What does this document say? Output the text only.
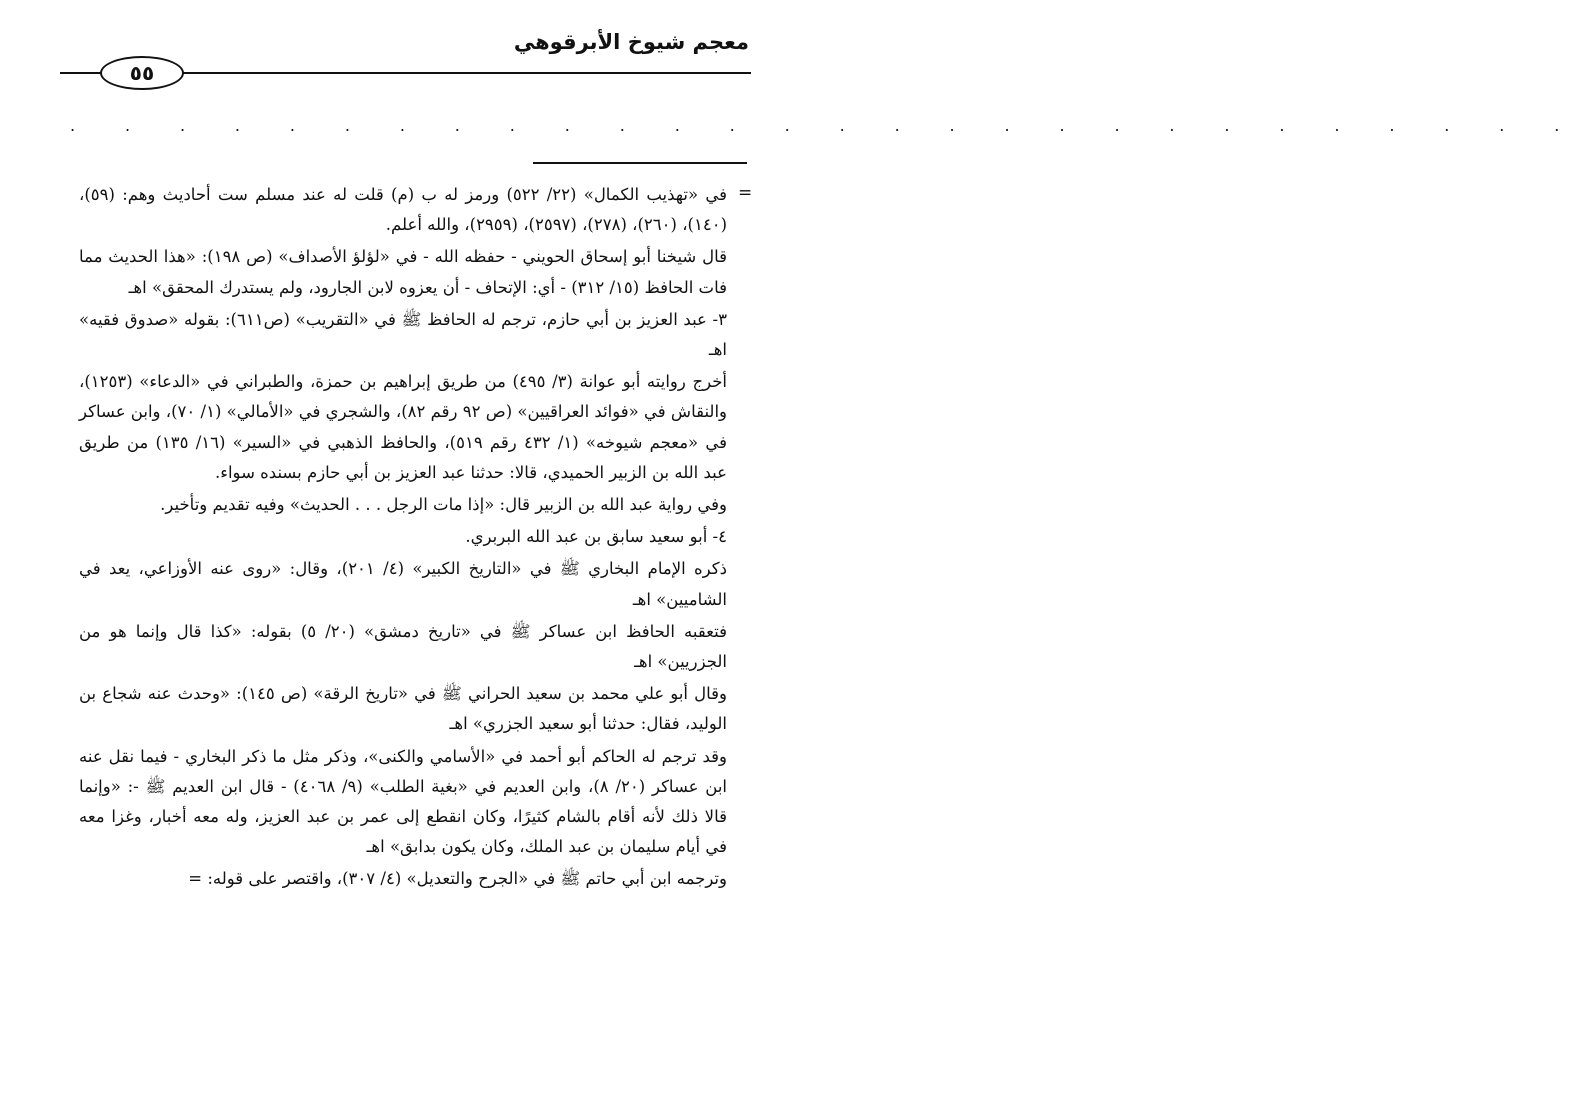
معجم شيوخ الأبرقوهي
٥٥
. . . . . . . . . . . . . . . . . . . . . . . . . . . .
=

في «تهذيب الكمال» (٢٢/ ٥٢٢) ورمز له ب (م) قلت له عند مسلم ست أحاديث وهم: (٥٩)، (١٤٠)، (٢٦٠)، (٢٧٨)، (٢٥٩٧)، (٢٩٥٩)، والله أعلم.

قال شيخنا أبو إسحاق الحويني - حفظه الله - في «لؤلؤ الأصداف» (ص ١٩٨): «هذا الحديث مما فات الحافظ (١٥/ ٣١٢) - أي: الإتحاف - أن يعزوه لابن الجارود، ولم يستدرك المحقق» اهـ

٣- عبد العزيز بن أبي حازم، ترجم له الحافظ ﷺ في «التقريب» (ص٦١١): بقوله «صدوق فقيه» اهـ

أخرج روايته أبو عوانة (٣/ ٤٩٥) من طريق إبراهيم بن حمزة، والطبراني في «الدعاء» (١٢٥٣)، والنقاش في «فوائد العراقيين» (ص ٩٢ رقم ٨٢)، والشجري في «الأمالي» (١/ ٧٠)، وابن عساكر في «معجم شيوخه» (١/ ٤٣٢ رقم ٥١٩)، والحافظ الذهبي في «السير» (١٦/ ١٣٥) من طريق عبد الله بن الزبير الحميدي، قالا: حدثنا عبد العزيز بن أبي حازم بسنده سواء.

وفي رواية عبد الله بن الزبير قال: «إذا مات الرجل . . . الحديث» وفيه تقديم وتأخير.

٤- أبو سعيد سابق بن عبد الله البربري.

ذكره الإمام البخاري ﷺ في «التاريخ الكبير» (٤/ ٢٠١)، وقال: «روى عنه الأوزاعي، يعد في الشاميين» اهـ

فتعقبه الحافظ ابن عساكر ﷺ في «تاريخ دمشق» (٢٠/ ٥) بقوله: «كذا قال وإنما هو من الجزريين» اهـ

وقال أبو علي محمد بن سعيد الحراني ﷺ في «تاريخ الرقة» (ص ١٤٥): «وحدث عنه شجاع بن الوليد، فقال: حدثنا أبو سعيد الجزري» اهـ

وقد ترجم له الحاكم أبو أحمد في «الأسامي والكنى»، وذكر مثل ما ذكر البخاري - فيما نقل عنه ابن عساكر (٢٠/ ٨)، وابن العديم في «بغية الطلب» (٩/ ٤٠٦٨) - قال ابن العديم ﷺ -: «وإنما قالا ذلك لأنه أقام بالشام كثيرًا، وكان انقطع إلى عمر بن عبد العزيز، وله معه أخبار، وغزا معه في أيام سليمان بن عبد الملك، وكان يكون بدابق» اهـ

وترجمه ابن أبي حاتم ﷺ في «الجرح والتعديل» (٤/ ٣٠٧)، واقتصر على قوله: =
